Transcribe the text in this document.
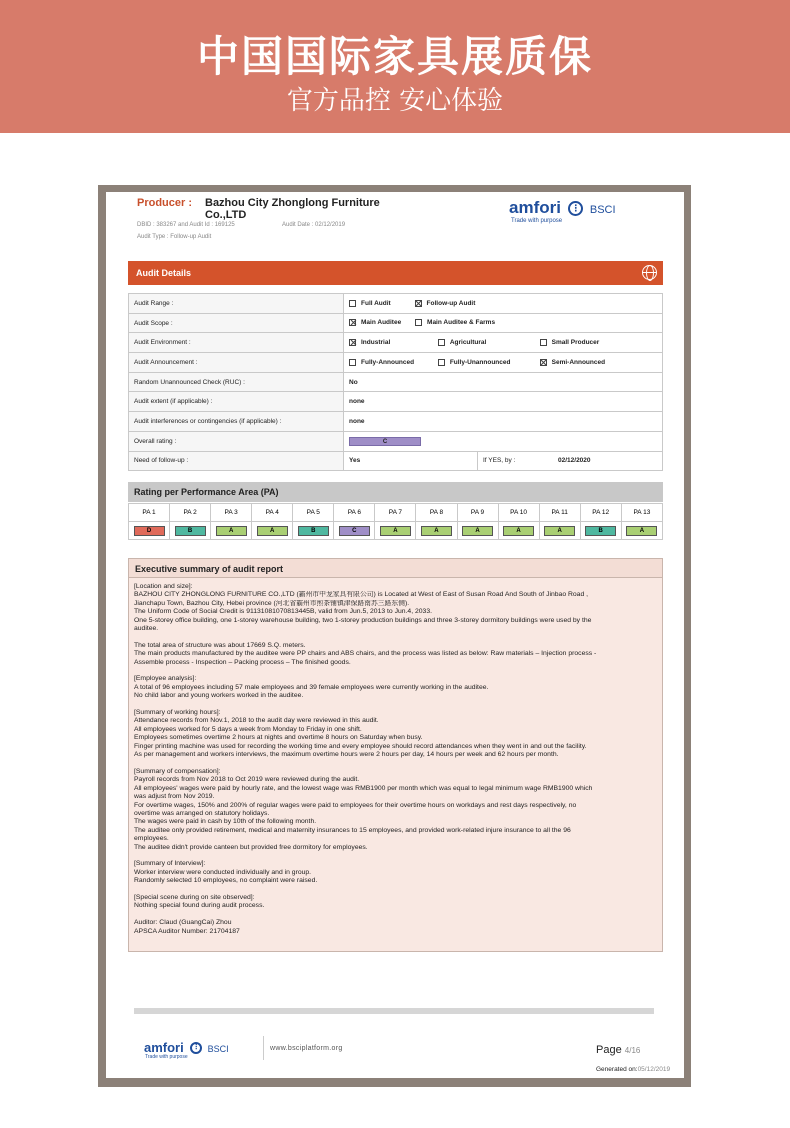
中国国际家具展质保
官方品控 安心体验
Producer : Bazhou City Zhonglong Furniture Co.,LTD
DBID : 383267 and Audit Id : 169125	Audit Date : 02/12/2019
Audit Type : Follow-up Audit
amfori ⋮ BSCI
Trade with purpose
Audit Details
Audit Range :	Full Audit Follow-up Audit	
Audit Scope :	Main Auditee Main Auditee & Farms	
Audit Environment :	Industrial Agricultural Small Producer	
Audit Announcement :	Fully-Announced Fully-Unannounced Semi-Announced	
Random Unannounced Check (RUC) :	No	
Audit extent (if applicable) :	none	
Audit interferences or contingencies (if applicable) :	none	
Overall rating :	C	
Need of follow-up :	Yes	If YES, by : 02/12/2020
Rating per Performance Area (PA)
PA 1	PA 2	PA 3	PA 4	PA 5	PA 6	PA 7	PA 8	PA 9	PA 10	PA 11	PA 12	PA 13
D	B	A	A	B	C	A	A	A	A	A	B	A
Executive summary of audit report
[Location and size]:
BAZHOU CITY ZHONGLONG FURNITURE CO.,LTD (霸州市中龙家具有限公司) is Located at West of East of Susan Road And South of Jinbao Road ,
Jianchapu Town, Bazhou City, Hebei province (河北省霸州市煎茶铺镇津保路南苏三路东侧).
The Uniform Code of Social Credit is 91131081070813445B, valid from Jun.5, 2013 to Jun.4, 2033.
One 5-storey office building, one 1-storey warehouse building, two 1-storey production buildings and three 3-storey dormitory buildings were used by the
auditee.
The total area of structure was about 17669 S.Q. meters.
The main products manufactured by the auditee were PP chairs and ABS chairs, and the process was listed as below: Raw materials – Injection process -
Assemble process - Inspection – Packing process – The finished goods.
[Employee analysis]:
A total of 96 employees including 57 male employees and 39 female employees were currently working in the auditee.
No child labor and young workers worked in the auditee.
[Summary of working hours]:
Attendance records from Nov.1, 2018 to the audit day were reviewed in this audit.
All employees worked for 5 days a week from Monday to Friday in one shift.
Employees sometimes overtime 2 hours at nights and overtime 8 hours on Saturday when busy.
Finger printing machine was used for recording the working time and every employee should record attendances when they went in and out the facility.
As per management and workers interviews, the maximum overtime hours were 2 hours per day, 14 hours per week and 62 hours per month.
[Summary of compensation]:
Payroll records from Nov 2018 to Oct 2019 were reviewed during the audit.
All employees' wages were paid by hourly rate, and the lowest wage was RMB1900 per month which was equal to legal minimum wage RMB1900 which
was adjust from Nov 2019.
For overtime wages, 150% and 200% of regular wages were paid to employees for their overtime hours on workdays and rest days respectively, no
overtime was arranged on statutory holidays.
The wages were paid in cash by 10th of the following month.
The auditee only provided retirement, medical and maternity insurances to 15 employees, and provided work-related injure insurance to all the 96
employees.
The auditee didn't provide canteen but provided free dormitory for employees.
[Summary of Interview]:
Worker interview were conducted individually and in group.
Randomly selected 10 employees, no complaint were raised.
[Special scene during on site observed]:
Nothing special found during audit process.
Auditor: Claud (GuangCai) Zhou
APSCA Auditor Number: 21704187
amfori ⋮ BSCI
Trade with purpose
www.bsciplatform.org	Page 4/16
Generated on:05/12/2019
